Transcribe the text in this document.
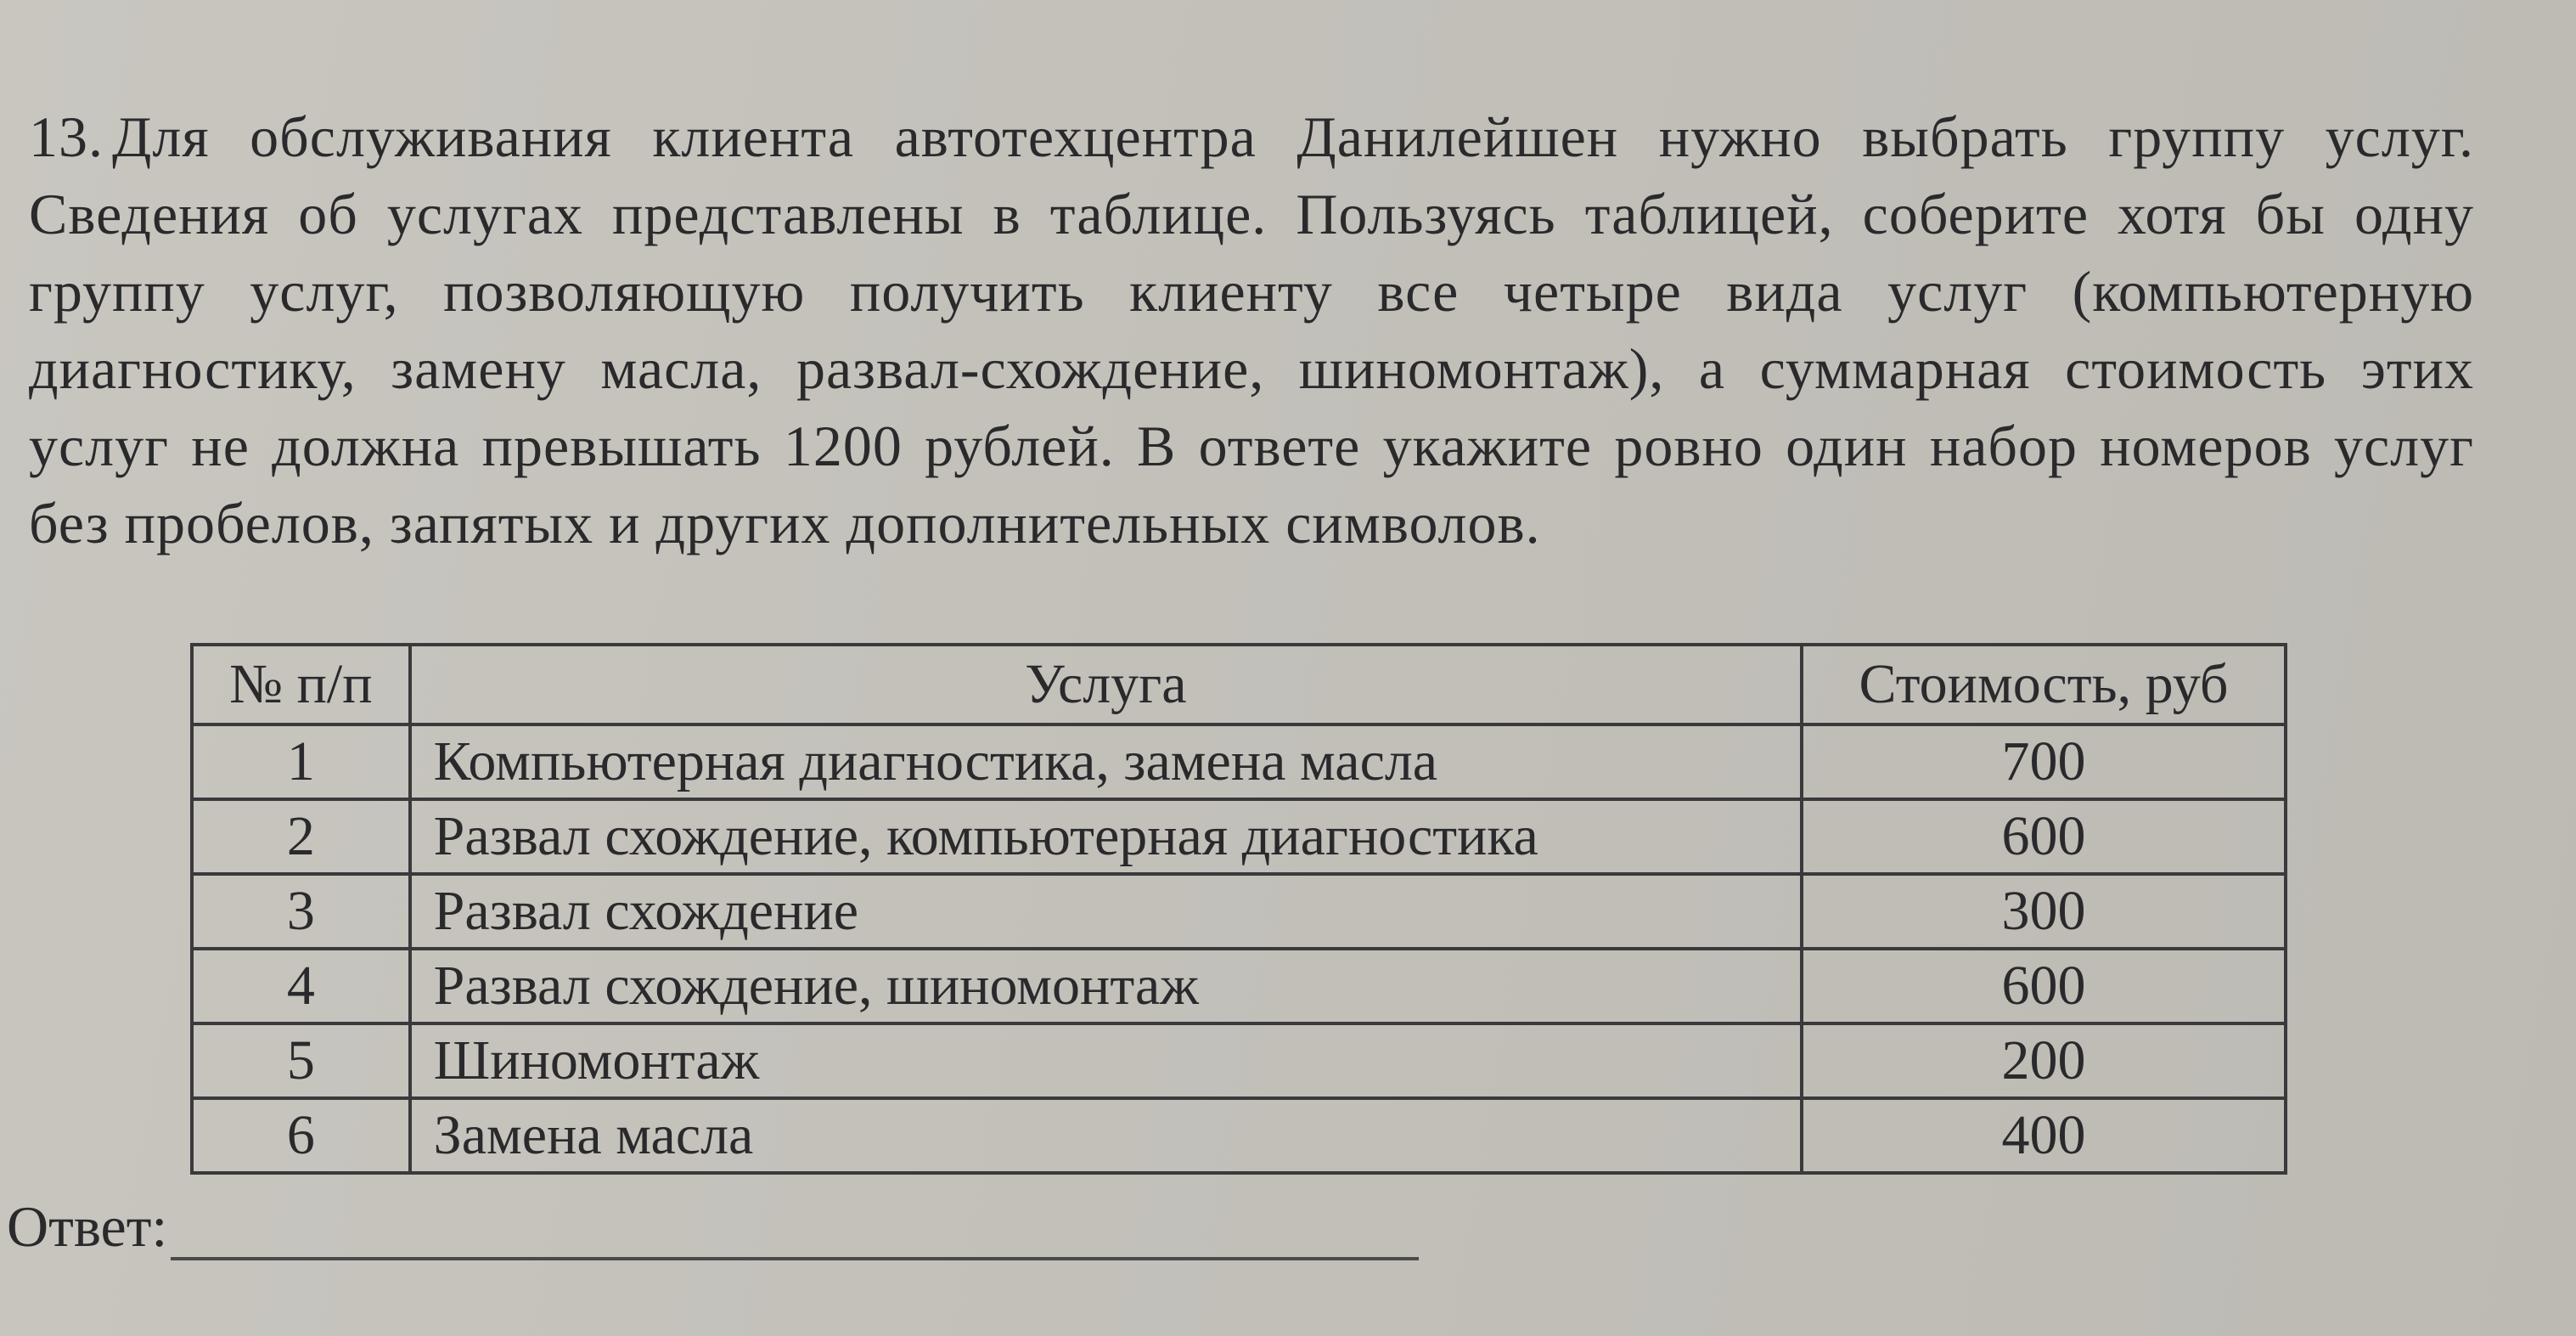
13. Для обслуживания клиента автотехцентра Данилейшен нужно выбрать группу услуг. Сведения об услугах представлены в таблице. Пользуясь таблицей, соберите хотя бы одну группу услуг, позволяющую получить клиенту все четыре вида услуг (компьютерную диагностику, замену масла, развал-схождение, шиномонтаж), а суммарная стоимость этих услуг не должна превышать 1200 рублей. В ответе укажите ровно один набор номеров услуг без пробелов, запятых и других дополнительных символов.

№ п/п	Услуга	Стоимость, руб
1	Компьютерная диагностика, замена масла	700
2	Развал схождение, компьютерная диагностика	600
3	Развал схождение	300
4	Развал схождение, шиномонтаж	600
5	Шиномонтаж	200
6	Замена масла	400
Ответ:
